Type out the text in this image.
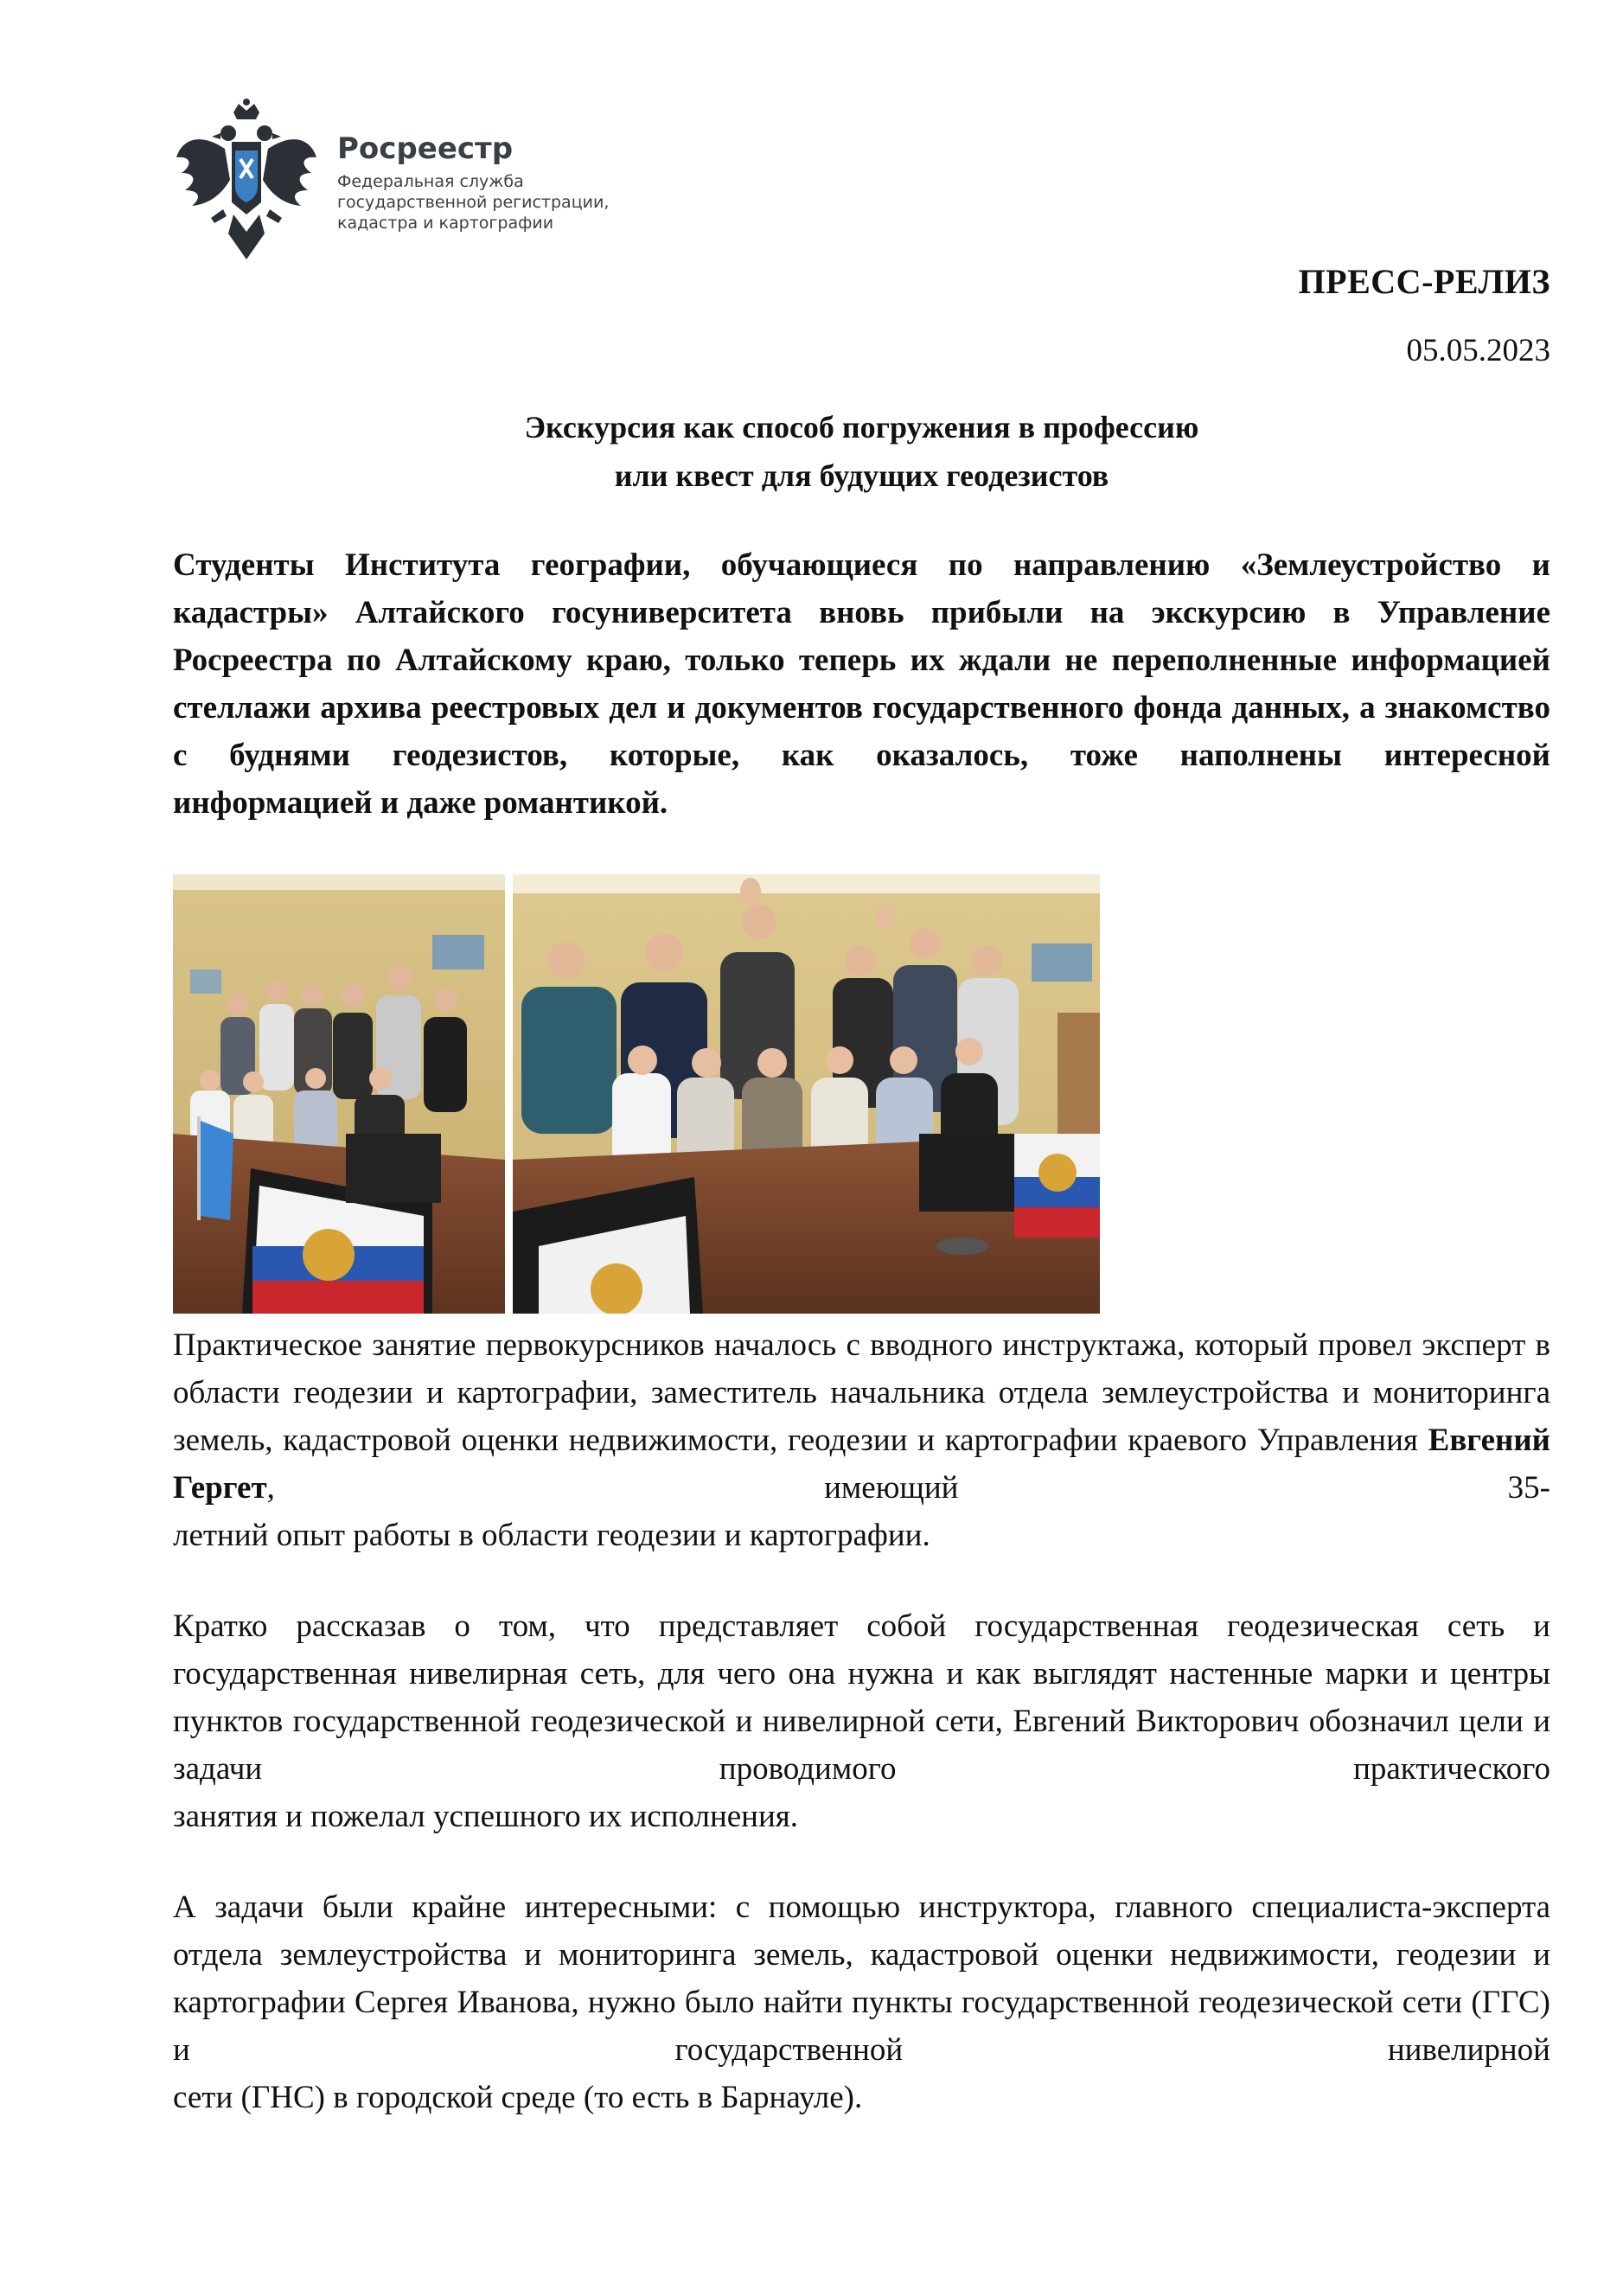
Росреестр
Федеральная служба
государственной регистрации,
кадастра и картографии
ПРЕСС-РЕЛИЗ
05.05.2023
Экскурсия как способ погружения в профессию
или квест для будущих геодезистов

Студенты Института географии, обучающиеся по направлению «Землеустройство и кадастры» Алтайского госуниверситета вновь прибыли на экскурсию в Управление Росреестра по Алтайскому краю, только теперь их ждали не переполненные информацией стеллажи архива реестровых дел и документов государственного фонда данных, а знакомство с буднями геодезистов, которые, как оказалось, тоже наполнены интересной
информацией и даже романтикой.

Практическое занятие первокурсников началось с вводного инструктажа, который провел эксперт в области геодезии и картографии, заместитель начальника отдела землеустройства и мониторинга земель, кадастровой оценки недвижимости, геодезии и картографии краевого Управления Евгений Гергет, имеющий 35-
летний опыт работы в области геодезии и картографии.

Кратко рассказав о том, что представляет собой государственная геодезическая сеть и государственная нивелирная сеть, для чего она нужна и как выглядят настенные марки и центры пунктов государственной геодезической и нивелирной сети, Евгений Викторович обозначил цели и задачи проводимого практического
занятия и пожелал успешного их исполнения.

А задачи были крайне интересными: с помощью инструктора, главного специалиста-эксперта отдела землеустройства и мониторинга земель, кадастровой оценки недвижимости, геодезии и картографии Сергея Иванова, нужно было найти пункты государственной геодезической сети (ГГС) и государственной нивелирной
сети (ГНС) в городской среде (то есть в Барнауле).
